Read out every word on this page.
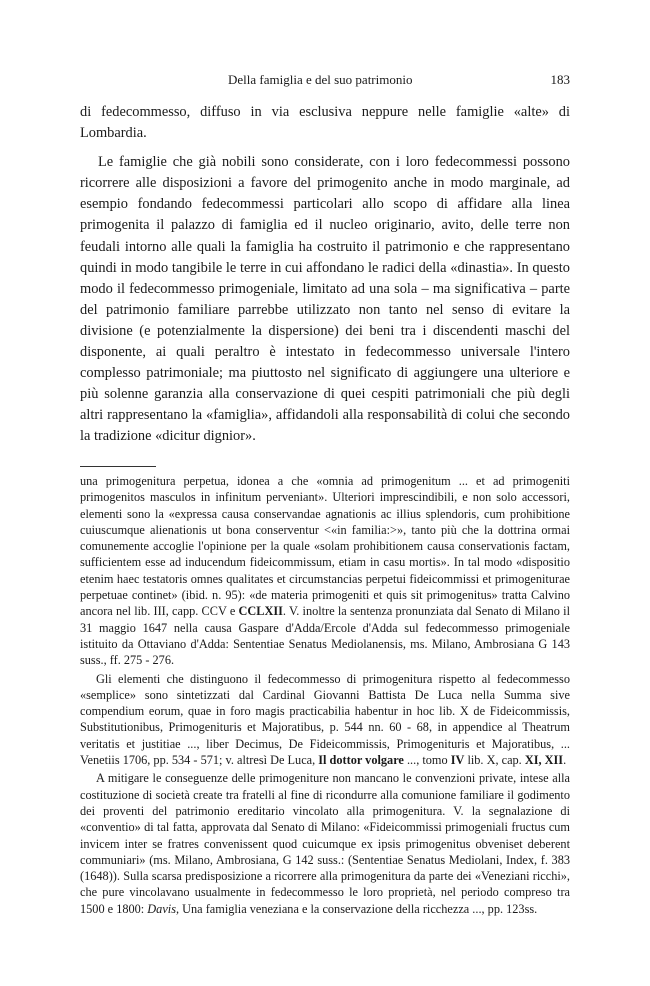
Della famiglia e del suo patrimonio	183

di fedecommesso, diffuso in via esclusiva neppure nelle famiglie «alte» di Lombardia.

Le famiglie che già nobili sono considerate, con i loro fedecommessi possono ricorrere alle disposizioni a favore del primogenito anche in modo marginale, ad esempio fondando fedecommessi particolari allo scopo di affidare alla linea primogenita il palazzo di famiglia ed il nucleo originario, avito, delle terre non feudali intorno alle quali la famiglia ha costruito il patrimonio e che rappresentano quindi in modo tangibile le terre in cui affondano le radici della «dinastia». In questo modo il fedecommesso primogeniale, limitato ad una sola – ma significativa – parte del patrimonio familiare parrebbe utilizzato non tanto nel senso di evitare la divisione (e potenzialmente la dispersione) dei beni tra i discendenti maschi del disponente, ai quali peraltro è intestato in fedecommesso universale l'intero complesso patrimoniale; ma piuttosto nel significato di aggiungere una ulteriore e più solenne garanzia alla conservazione di quei cespiti patrimoniali che più degli altri rappresentano la «famiglia», affidandoli alla responsabilità di colui che secondo la tradizione «dicitur dignior».

una primogenitura perpetua, idonea a che «omnia ad primogenitum ... et ad primogeniti primogenitos masculos in infinitum perveniant». Ulteriori imprescindibili, e non solo accessori, elementi sono la «expressa causa conservandae agnationis ac illius splendoris, cum prohibitione cuiuscumque alienationis ut bona conserventur <«in familia:>», tanto più che la dottrina ormai comunemente accoglie l'opinione per la quale «solam prohibitionem causa conservationis factam, sufficientem esse ad inducendum fideicommissum, etiam in casu mortis». In tal modo «dispositio etenim haec testatoris omnes qualitates et circumstancias perpetui fideicommissi et primogeniturae perpetuae continet» (ibid. n. 95): «de materia primogeniti et quis sit primogenitus» tratta Calvino ancora nel lib. III, capp. CCV e CCLXII. V. inoltre la sentenza pronunziata dal Senato di Milano il 31 maggio 1647 nella causa Gaspare d'Adda/Ercole d'Adda sul fedecommesso primogeniale istituito da Ottaviano d'Adda: Sententiae Senatus Mediolanensis, ms. Milano, Ambrosiana G 143 suss., ff. 275 - 276.

Gli elementi che distinguono il fedecommesso di primogenitura rispetto al fedecommesso «semplice» sono sintetizzati dal Cardinal Giovanni Battista De Luca nella Summa sive compendium eorum, quae in foro magis practicabilia habentur in hoc lib. X de Fideicommissis, Substitutionibus, Primogenituris et Majoratibus, p. 544 nn. 60 - 68, in appendice al Theatrum veritatis et justitiae ..., liber Decimus, De Fideicommissis, Primogenituris et Majoratibus, ... Venetiis 1706, pp. 534 - 571; v. altresì De Luca, Il dottor volgare ..., tomo IV lib. X, cap. XI, XII.

A mitigare le conseguenze delle primogeniture non mancano le convenzioni private, intese alla costituzione di società create tra fratelli al fine di ricondurre alla comunione familiare il godimento dei proventi del patrimonio ereditario vincolato alla primogenitura. V. la segnalazione di «conventio» di tal fatta, approvata dal Senato di Milano: «Fideicommissi primogeniali fructus cum invicem inter se fratres convenissent quod cuicumque ex ipsis primogenitus obveniset deberent communiari» (ms. Milano, Ambrosiana, G 142 suss.: (Sententiae Senatus Mediolani, Index, f. 383 (1648)). Sulla scarsa predisposizione a ricorrere alla primogenitura da parte dei «Veneziani ricchi», che pure vincolavano usualmente in fedecommesso le loro proprietà, nel periodo compreso tra 1500 e 1800: Davis, Una famiglia veneziana e la conservazione della ricchezza ..., pp. 123ss.
